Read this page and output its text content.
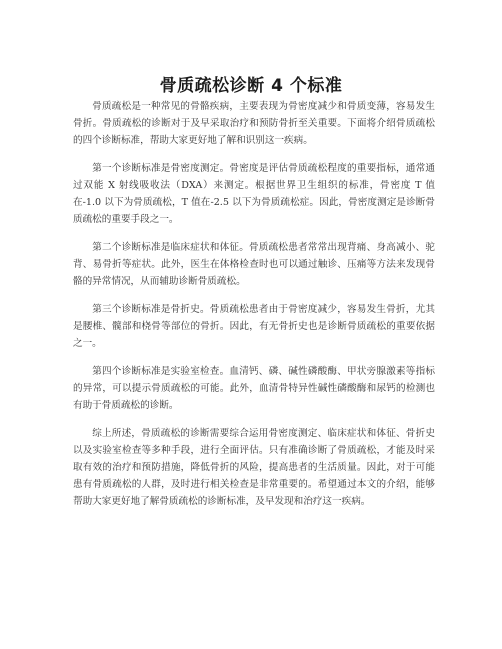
骨质疏松诊断 4 个标准

骨质疏松是一种常见的骨骼疾病，主要表现为骨密度减少和骨质变薄，容易发生骨折。骨质疏松的诊断对于及早采取治疗和预防骨折至关重要。下面将介绍骨质疏松的四个诊断标准，帮助大家更好地了解和识别这一疾病。

第一个诊断标准是骨密度测定。骨密度是评估骨质疏松程度的重要指标，通常通过双能 X 射线吸收法（DXA）来测定。根据世界卫生组织的标准，骨密度 T 值在-1.0 以下为骨质疏松，T 值在-2.5 以下为骨质疏松症。因此，骨密度测定是诊断骨质疏松的重要手段之一。

第二个诊断标准是临床症状和体征。骨质疏松患者常常出现背痛、身高减小、驼背、易骨折等症状。此外，医生在体格检查时也可以通过触诊、压痛等方法来发现骨骼的异常情况，从而辅助诊断骨质疏松。

第三个诊断标准是骨折史。骨质疏松患者由于骨密度减少，容易发生骨折，尤其是腰椎、髋部和桡骨等部位的骨折。因此，有无骨折史也是诊断骨质疏松的重要依据之一。

第四个诊断标准是实验室检查。血清钙、磷、碱性磷酸酶、甲状旁腺激素等指标的异常，可以提示骨质疏松的可能。此外，血清骨特异性碱性磷酸酶和尿钙的检测也有助于骨质疏松的诊断。

综上所述，骨质疏松的诊断需要综合运用骨密度测定、临床症状和体征、骨折史以及实验室检查等多种手段，进行全面评估。只有准确诊断了骨质疏松，才能及时采取有效的治疗和预防措施，降低骨折的风险，提高患者的生活质量。因此，对于可能患有骨质疏松的人群，及时进行相关检查是非常重要的。希望通过本文的介绍，能够帮助大家更好地了解骨质疏松的诊断标准，及早发现和治疗这一疾病。
